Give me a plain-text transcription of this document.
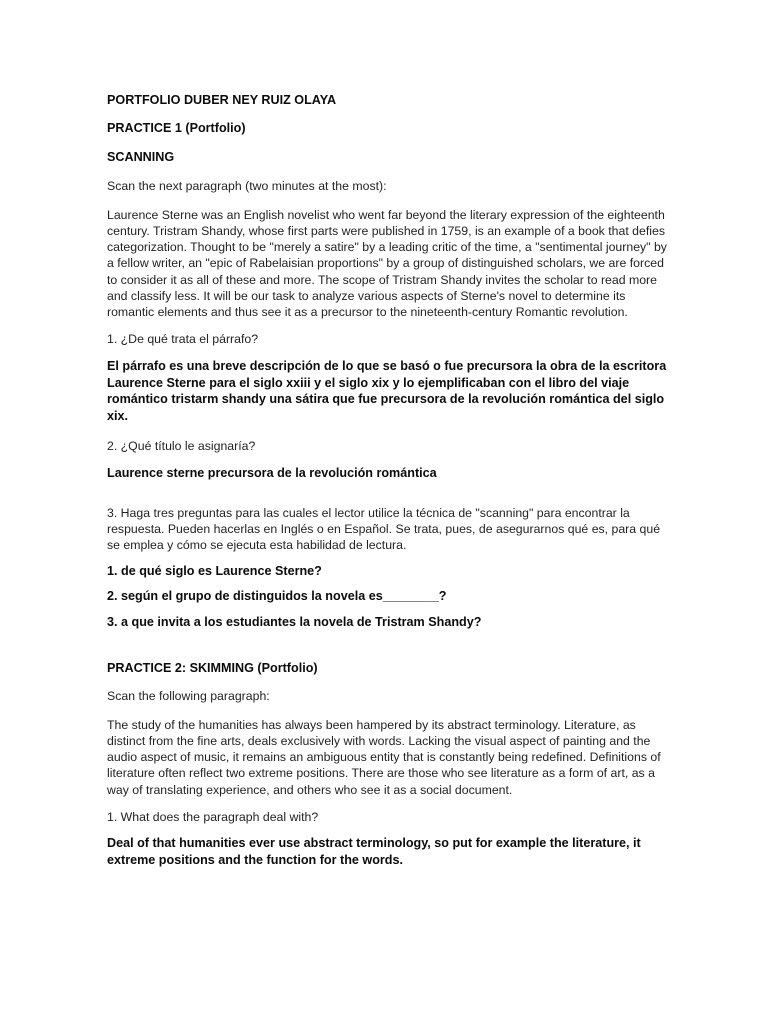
PORTFOLIO DUBER NEY RUIZ OLAYA

PRACTICE 1 (Portfolio)

SCANNING

Scan the next paragraph (two minutes at the most):

Laurence Sterne was an English novelist who went far beyond the literary expression of the eighteenth century. Tristram Shandy, whose first parts were published in 1759, is an example of a book that defies categorization. Thought to be "merely a satire" by a leading critic of the time, a "sentimental journey" by a fellow writer, an "epic of Rabelaisian proportions" by a group of distinguished scholars, we are forced to consider it as all of these and more. The scope of Tristram Shandy invites the scholar to read more and classify less. It will be our task to analyze various aspects of Sterne's novel to determine its romantic elements and thus see it as a precursor to the nineteenth-century Romantic revolution.

1. ¿De qué trata el párrafo?

El párrafo es una breve descripción de lo que se basó o fue precursora la obra de la escritora Laurence Sterne para el siglo xxiii y el siglo xix y lo ejemplificaban con el libro del viaje romántico tristarm shandy una sátira que fue precursora de la revolución romántica del siglo xix.

2. ¿Qué título le asignaría?

Laurence sterne precursora de la revolución romántica

3. Haga tres preguntas para las cuales el lector utilice la técnica de "scanning" para encontrar la respuesta. Pueden hacerlas en Inglés o en Español. Se trata, pues, de asegurarnos qué es, para qué se emplea y cómo se ejecuta esta habilidad de lectura.

1. de qué siglo es Laurence Sterne?

2. según el grupo de distinguidos la novela es________?

3. a que invita a los estudiantes la novela de Tristram Shandy?

PRACTICE 2: SKIMMING (Portfolio)

Scan the following paragraph:

The study of the humanities has always been hampered by its abstract terminology. Literature, as distinct from the fine arts, deals exclusively with words. Lacking the visual aspect of painting and the audio aspect of music, it remains an ambiguous entity that is constantly being redefined. Definitions of literature often reflect two extreme positions. There are those who see literature as a form of art, as a way of translating experience, and others who see it as a social document.

1. What does the paragraph deal with?

Deal of that humanities ever use abstract terminology, so put for example the literature, it extreme positions and the function for the words.
